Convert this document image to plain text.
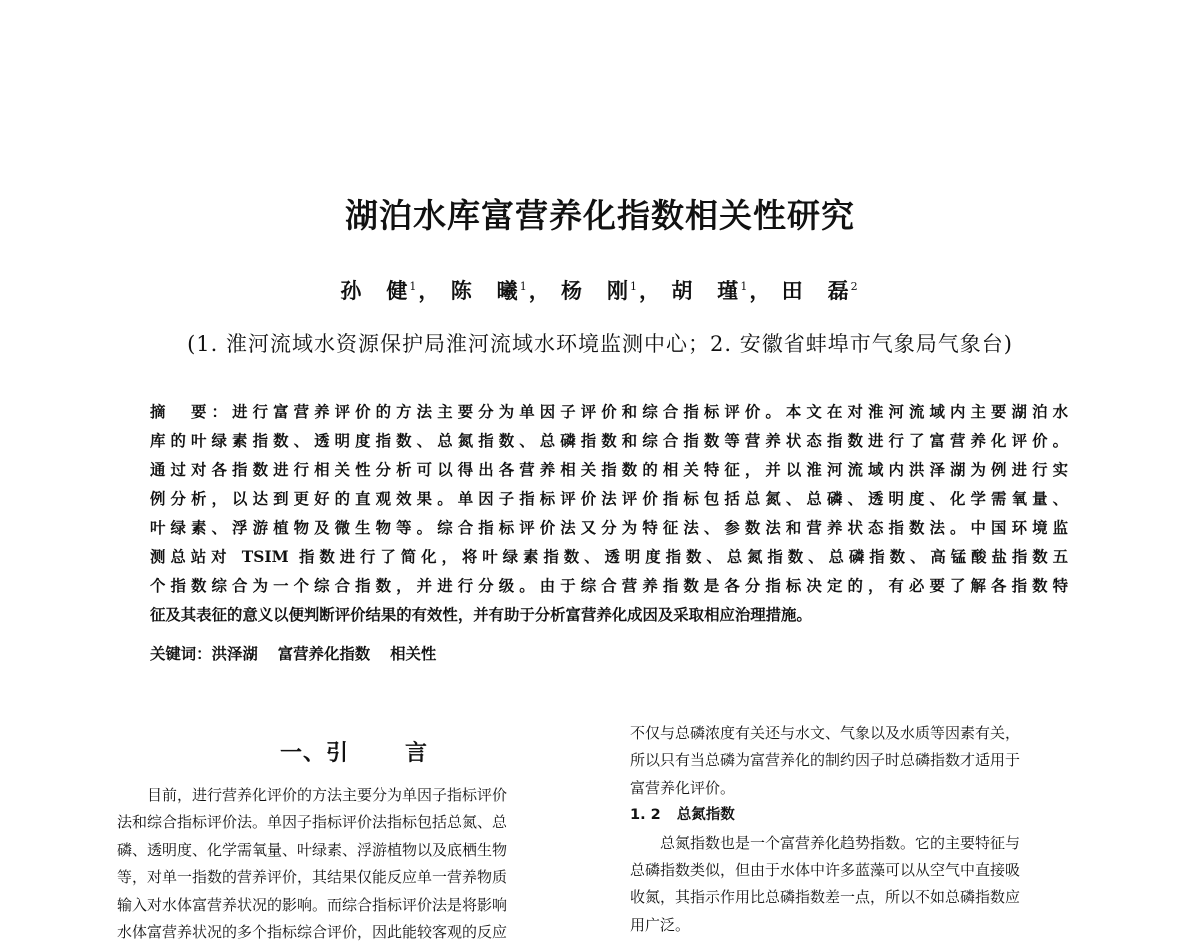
湖泊水库富营养化指数相关性研究
孙　健$^1$， 陈　曦$^1$， 杨　刚$^1$， 胡　瑾$^1$， 田　磊$^2$
(1. 淮河流域水资源保护局淮河流域水环境监测中心；2. 安徽省蚌埠市气象局气象台)
摘　要：进行富营养评价的方法主要分为单因子评价和综合指标评价。本文在对淮河流域内主要湖泊水
库的叶绿素指数、透明度指数、总氮指数、总磷指数和综合指数等营养状态指数进行了富营养化评价。
通过对各指数进行相关性分析可以得出各营养相关指数的相关特征，并以淮河流域内洪泽湖为例进行实
例分析，以达到更好的直观效果。单因子指标评价法评价指标包括总氮、总磷、透明度、化学需氧量、
叶绿素、浮游植物及微生物等。综合指标评价法又分为特征法、参数法和营养状态指数法。中国环境监
测总站对 TSIM 指数进行了简化，将叶绿素指数、透明度指数、总氮指数、总磷指数、高锰酸盐指数五
个指数综合为一个综合指数，并进行分级。由于综合营养指数是各分指标决定的，有必要了解各指数特
征及其表征的意义以便判断评价结果的有效性，并有助于分析富营养化成因及采取相应治理措施。
关键词：洪泽湖 富营养化指数 相关性
一、引	言

目前，进行营养化评价的方法主要分为单因子指标评价

法和综合指标评价法。单因子指标评价法指标包括总氮、总

磷、透明度、化学需氧量、叶绿素、浮游植物以及底栖生物

等，对单一指数的营养评价，其结果仅能反应单一营养物质

输入对水体富营养状况的影响。而综合指标评价法是将影响

水体富营养状况的多个指标综合评价，因此能较客观的反应

不仅与总磷浓度有关还与水文、气象以及水质等因素有关，

所以只有当总磷为富营养化的制约因子时总磷指数才适用于

富营养化评价。

1. 2 总氮指数

总氮指数也是一个富营养化趋势指数。它的主要特征与

总磷指数类似，但由于水体中许多蓝藻可以从空气中直接吸

收氮，其指示作用比总磷指数差一点，所以不如总磷指数应

用广泛。
